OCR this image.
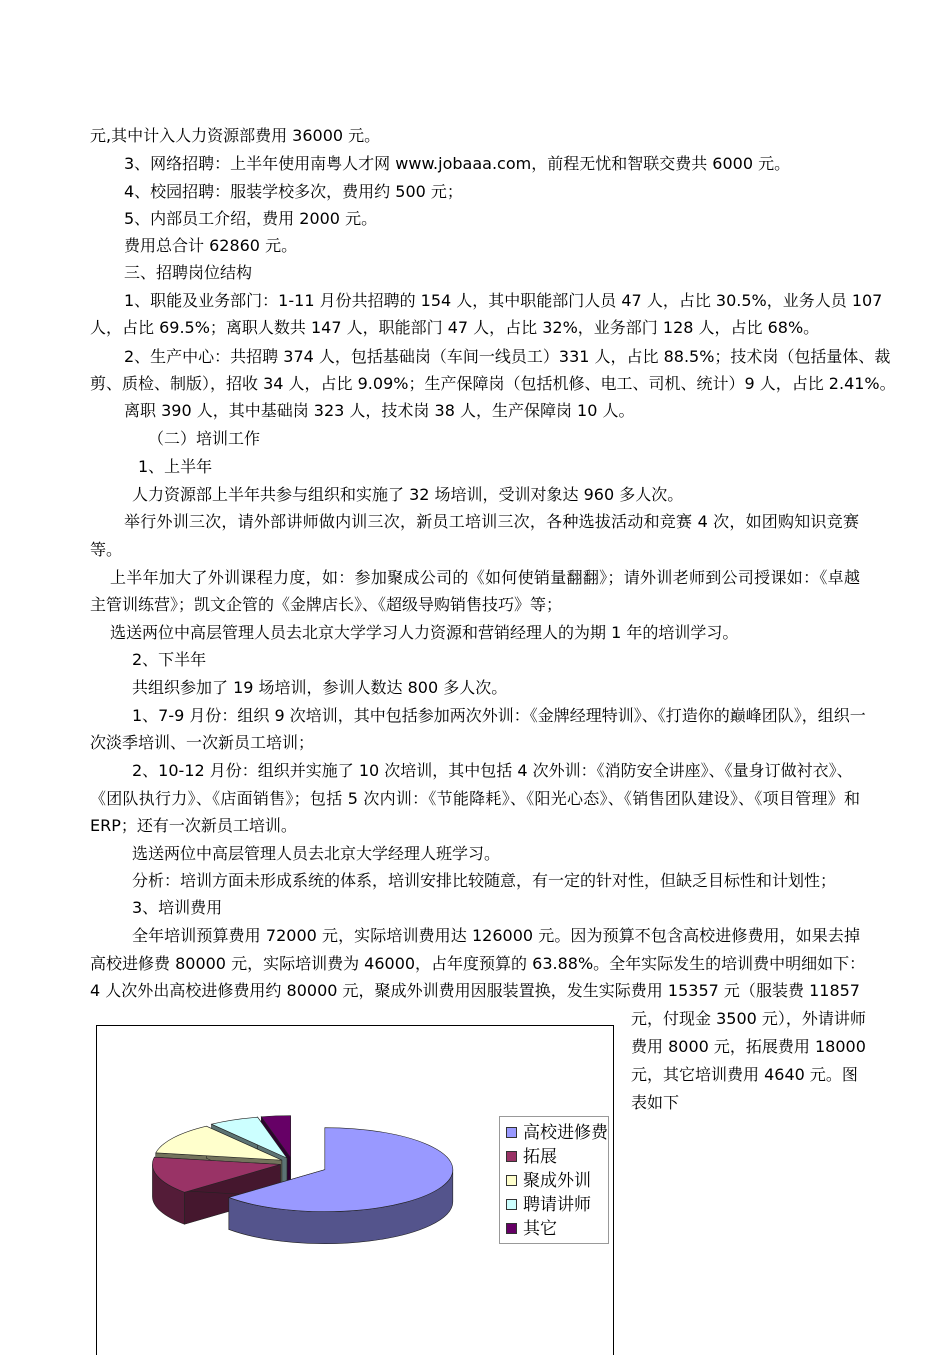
元,其中计入人力资源部费用 36000 元。
3、网络招聘：上半年使用南粤人才网 www.jobaaa.com，前程无忧和智联交费共 6000 元。
4、校园招聘：服装学校多次，费用约 500 元；
5、内部员工介绍，费用 2000 元。
费用总合计 62860 元。
三、招聘岗位结构
1、职能及业务部门：1-11 月份共招聘的 154 人，其中职能部门人员 47 人，占比 30.5%，业务人员 107
人，占比 69.5%；离职人数共 147 人，职能部门 47 人，占比 32%，业务部门 128 人，占比 68%。
2、生产中心：共招聘 374 人，包括基础岗（车间一线员工）331 人，占比 88.5%；技术岗（包括量体、裁
剪、质检、制版），招收 34 人，占比 9.09%；生产保障岗（包括机修、电工、司机、统计）9 人，占比 2.41%。
离职 390 人，其中基础岗 323 人，技术岗 38 人，生产保障岗 10 人。
（二）培训工作
1、上半年
人力资源部上半年共参与组织和实施了 32 场培训，受训对象达 960 多人次。
举行外训三次，请外部讲师做内训三次，新员工培训三次，各种选拔活动和竞赛 4 次，如团购知识竞赛
等。
上半年加大了外训课程力度，如：参加聚成公司的《如何使销量翻翻》；请外训老师到公司授课如：《卓越
主管训练营》；凯文企管的《金牌店长》、《超级导购销售技巧》等；
选送两位中高层管理人员去北京大学学习人力资源和营销经理人的为期 1 年的培训学习。
2、下半年
共组织参加了 19 场培训，参训人数达 800 多人次。
1、7-9 月份：组织 9 次培训，其中包括参加两次外训：《金牌经理特训》、《打造你的巅峰团队》，组织一
次淡季培训、一次新员工培训；
2、10-12 月份：组织并实施了 10 次培训，其中包括 4 次外训：《消防安全讲座》、《量身订做衬衣》、
《团队执行力》、《店面销售》；包括 5 次内训：《节能降耗》、《阳光心态》、《销售团队建设》、《项目管理》和
ERP；还有一次新员工培训。
选送两位中高层管理人员去北京大学经理人班学习。
分析：培训方面未形成系统的体系，培训安排比较随意，有一定的针对性，但缺乏目标性和计划性；
3、培训费用
全年培训预算费用 72000 元，实际培训费用达 126000 元。因为预算不包含高校进修费用，如果去掉
高校进修费 80000 元，实际培训费为 46000，占年度预算的 63.88%。全年实际发生的培训费中明细如下：
4 人次外出高校进修费用约 80000 元，聚成外训费用因服装置换，发生实际费用 15357 元（服装费 11857
元，付现金 3500 元），外请讲师
费用 8000 元，拓展费用 18000
元，其它培训费用 4640 元。图
表如下
高校进修费
拓展
聚成外训
聘请讲师
其它
